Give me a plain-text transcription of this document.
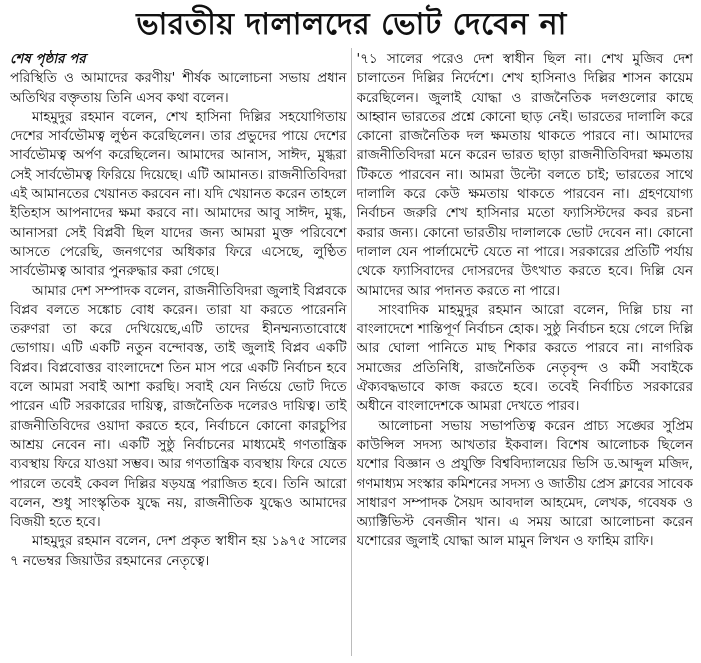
ভারতীয় দালালদের ভোট দেবেন না
শেষ পৃষ্ঠার পর

পরিস্থিতি ও আমাদের করণীয়' শীর্ষক আলোচনা সভায় প্রধান অতিথির বক্তৃতায় তিনি এসব কথা বলেন।

মাহমুদুর রহমান বলেন, শেখ হাসিনা দিল্লির সহযোগিতায় দেশের সার্বভৌমত্ব লুণ্ঠন করেছিলেন। তার প্রভুদের পায়ে দেশের সার্বভৌমত্ব অর্পণ করেছিলেন। আমাদের আনাস, সাঈদ, মুগ্ধরা সেই সার্বভৌমত্ব ফিরিয়ে দিয়েছে। এটি আমানত। রাজনীতিবিদরা এই আমানতের খেয়ানত করবেন না। যদি খেয়ানত করেন তাহলে ইতিহাস আপনাদের ক্ষমা করবে না। আমাদের আবু সাঈদ, মুগ্ধ, আনাসরা সেই বিপ্লবী ছিল যাদের জন্য আমরা মুক্ত পরিবেশে আসতে পেরেছি, জনগণের অধিকার ফিরে এসেছে, লুণ্ঠিত সার্বভৌমত্ব আবার পুনরুদ্ধার করা গেছে।

আমার দেশ সম্পাদক বলেন, রাজনীতিবিদরা জুলাই বিপ্লবকে বিপ্লব বলতে সঙ্কোচ বোধ করেন। তারা যা করতে পারেননি তরুণরা তা করে দেখিয়েছে,এটি তাদের হীনম্মন্যতাবোধে ভোগায়। এটি একটি নতুন বন্দোবস্ত, তাই জুলাই বিপ্লব একটি বিপ্লব। বিপ্লবোত্তর বাংলাদেশে তিন মাস পরে একটি নির্বাচন হবে বলে আমরা সবাই আশা করছি। সবাই যেন নির্ভয়ে ভোট দিতে পারেন এটি সরকারের দায়িত্ব, রাজনৈতিক দলেরও দায়িত্ব। তাই রাজনীতিবিদের ওয়াদা করতে হবে, নির্বাচনে কোনো কারচুপির আশ্রয় নেবেন না। একটি সুষ্ঠু নির্বাচনের মাধ্যমেই গণতান্ত্রিক ব্যবস্থায় ফিরে যাওয়া সম্ভব। আর গণতান্ত্রিক ব্যবস্থায় ফিরে যেতে পারলে তবেই কেবল দিল্লির ষড়যন্ত্র পরাজিত হবে। তিনি আরো বলেন, শুধু সাংস্কৃতিক যুদ্ধে নয়, রাজনীতিক যুদ্ধেও আমাদের বিজয়ী হতে হবে।

মাহমুদুর রহমান বলেন, দেশ প্রকৃত স্বাধীন হয় ১৯৭৫ সালের ৭ নভেম্বর জিয়াউর রহমানের নেতৃত্বে।

'৭১ সালের পরেও দেশ স্বাধীন ছিল না। শেখ মুজিব দেশ চালাতেন দিল্লির নির্দেশে। শেখ হাসিনাও দিল্লির শাসন কায়েম করেছিলেন। জুলাই যোদ্ধা ও রাজনৈতিক দলগুলোর কাছে আহ্বান ভারতের প্রশ্নে কোনো ছাড় নেই। ভারতের দালালি করে কোনো রাজনৈতিক দল ক্ষমতায় থাকতে পারবে না। আমাদের রাজনীতিবিদরা মনে করেন ভারত ছাড়া রাজনীতিবিদরা ক্ষমতায় টিকতে পারবেন না। আমরা উল্টো বলতে চাই; ভারতের সাথে দালালি করে কেউ ক্ষমতায় থাকতে পারবেন না। গ্রহণযোগ্য নির্বাচন জরুরি শেখ হাসিনার মতো ফ্যাসিস্টদের কবর রচনা করার জন্য। কোনো ভারতীয় দালালকে ভোট দেবেন না। কোনো দালাল যেন পার্লামেন্টে যেতে না পারে। সরকারের প্রতিটি পর্যায় থেকে ফ্যাসিবাদের দোসরদের উৎখাত করতে হবে। দিল্লি যেন আমাদের আর পদানত করতে না পারে।

সাংবাদিক মাহমুদুর রহমান আরো বলেন, দিল্লি চায় না বাংলাদেশে শান্তিপূর্ণ নির্বাচন হোক। সুষ্ঠু নির্বাচন হয়ে গেলে দিল্লি আর ঘোলা পানিতে মাছ শিকার করতে পারবে না। নাগরিক সমাজের প্রতিনিধি, রাজনৈতিক নেতৃবৃন্দ ও কর্মী সবাইকে ঐক্যবদ্ধভাবে কাজ করতে হবে। তবেই নির্বাচিত সরকারের অধীনে বাংলাদেশকে আমরা দেখতে পারব।

আলোচনা সভায় সভাপতিত্ব করেন প্রাচ্য সঙ্ঘের সুপ্রিম কাউন্সিল সদস্য আখতার ইকবাল। বিশেষ আলোচক ছিলেন যশোর বিজ্ঞান ও প্রযুক্তি বিশ্ববিদ্যালয়ের ভিসি ড.আব্দুল মজিদ, গণমাধ্যম সংস্কার কমিশনের সদস্য ও জাতীয় প্রেস ক্লাবের সাবেক সাধারণ সম্পাদক সৈয়দ আবদাল আহমেদ, লেখক, গবেষক ও অ্যাক্টিভিস্ট বেনজীন খান। এ সময় আরো আলোচনা করেন যশোরের জুলাই যোদ্ধা আল মামুন লিখন ও ফাহিম রাফি।
